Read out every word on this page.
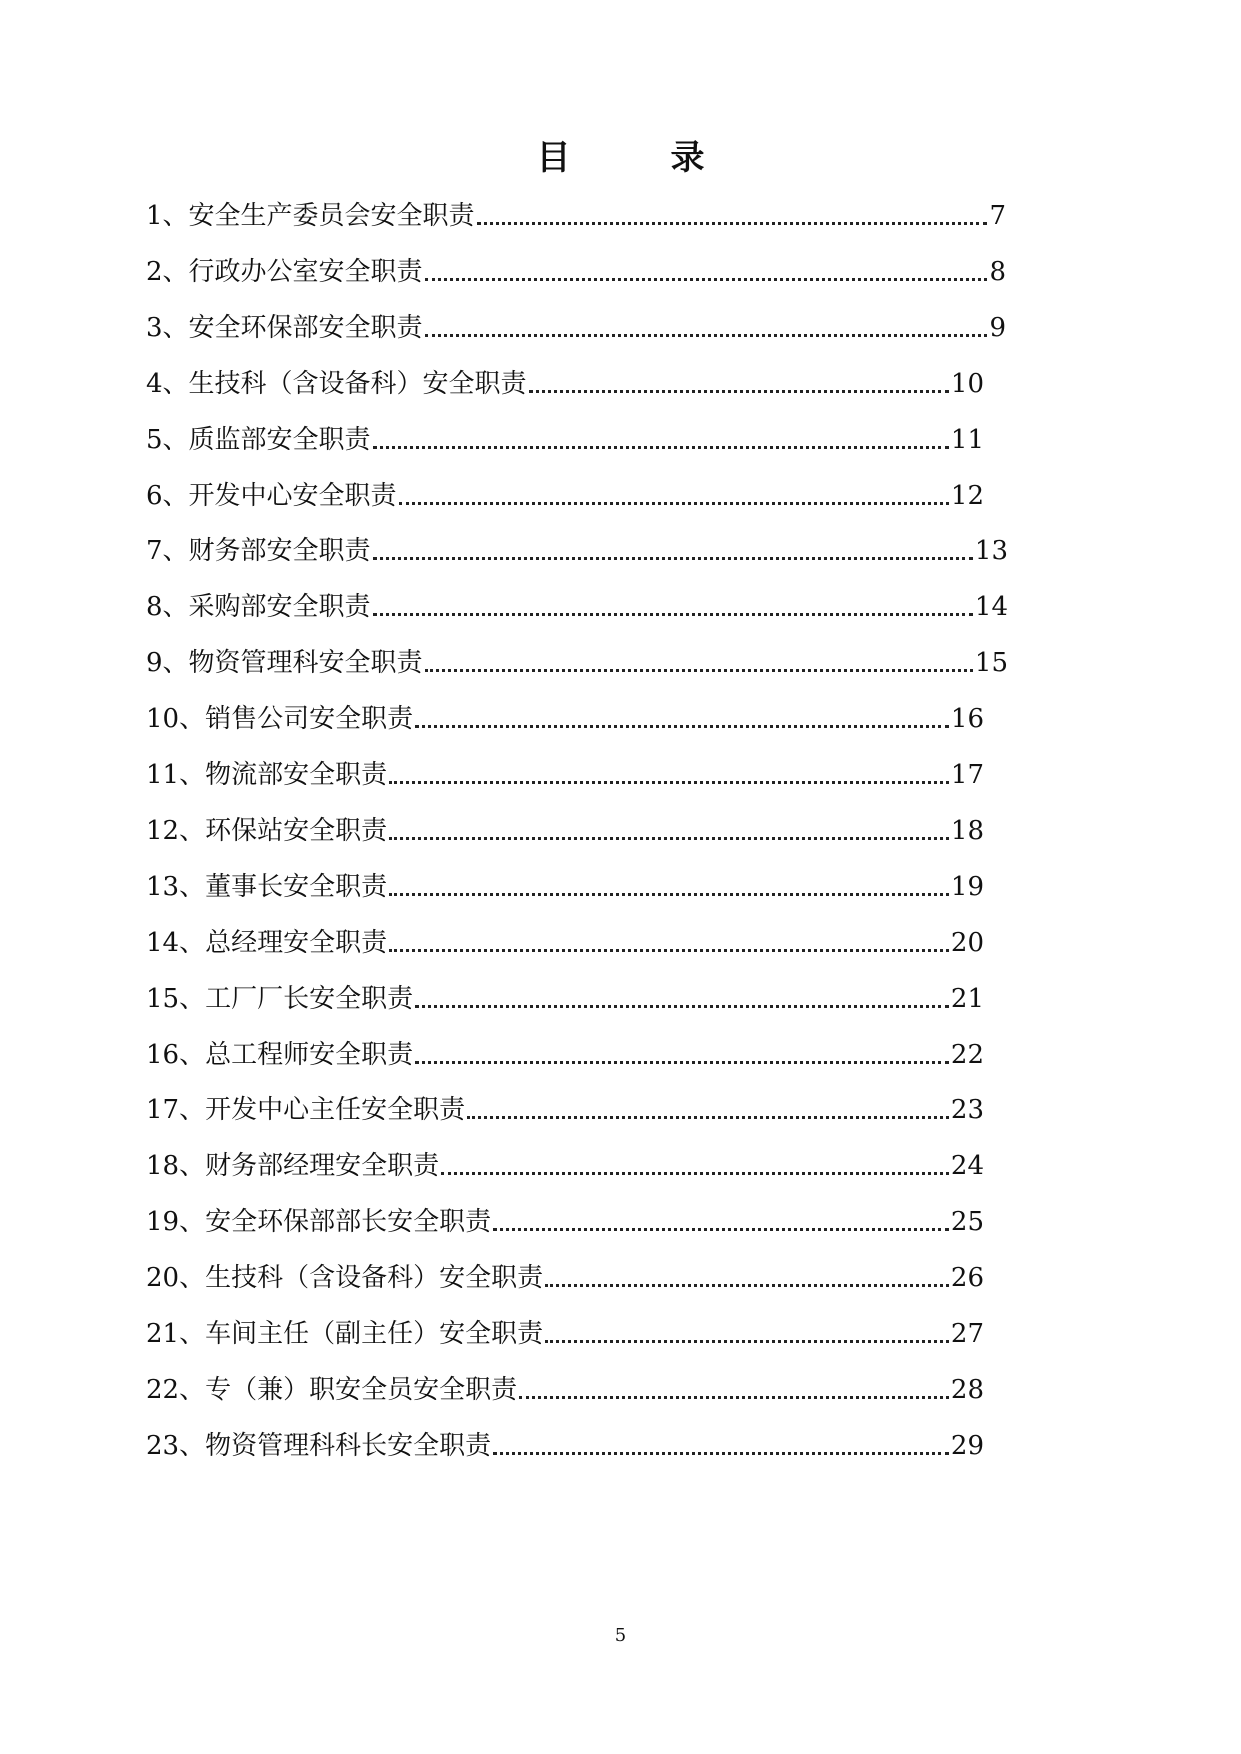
目	录
1、安全生产委员会安全职责	7
2、行政办公室安全职责	8
3、安全环保部安全职责	9
4、生技科（含设备科）安全职责	10
5、质监部安全职责	11
6、开发中心安全职责	12
7、财务部安全职责	13
8、采购部安全职责	14
9、物资管理科安全职责	15
10、销售公司安全职责	16
11、物流部安全职责	17
12、环保站安全职责	18
13、董事长安全职责	19
14、总经理安全职责	20
15、工厂厂长安全职责	21
16、总工程师安全职责	22
17、开发中心主任安全职责	23
18、财务部经理安全职责	24
19、安全环保部部长安全职责	25
20、生技科（含设备科）安全职责	26
21、车间主任（副主任）安全职责	27
22、专（兼）职安全员安全职责	28
23、物资管理科科长安全职责	29
5
